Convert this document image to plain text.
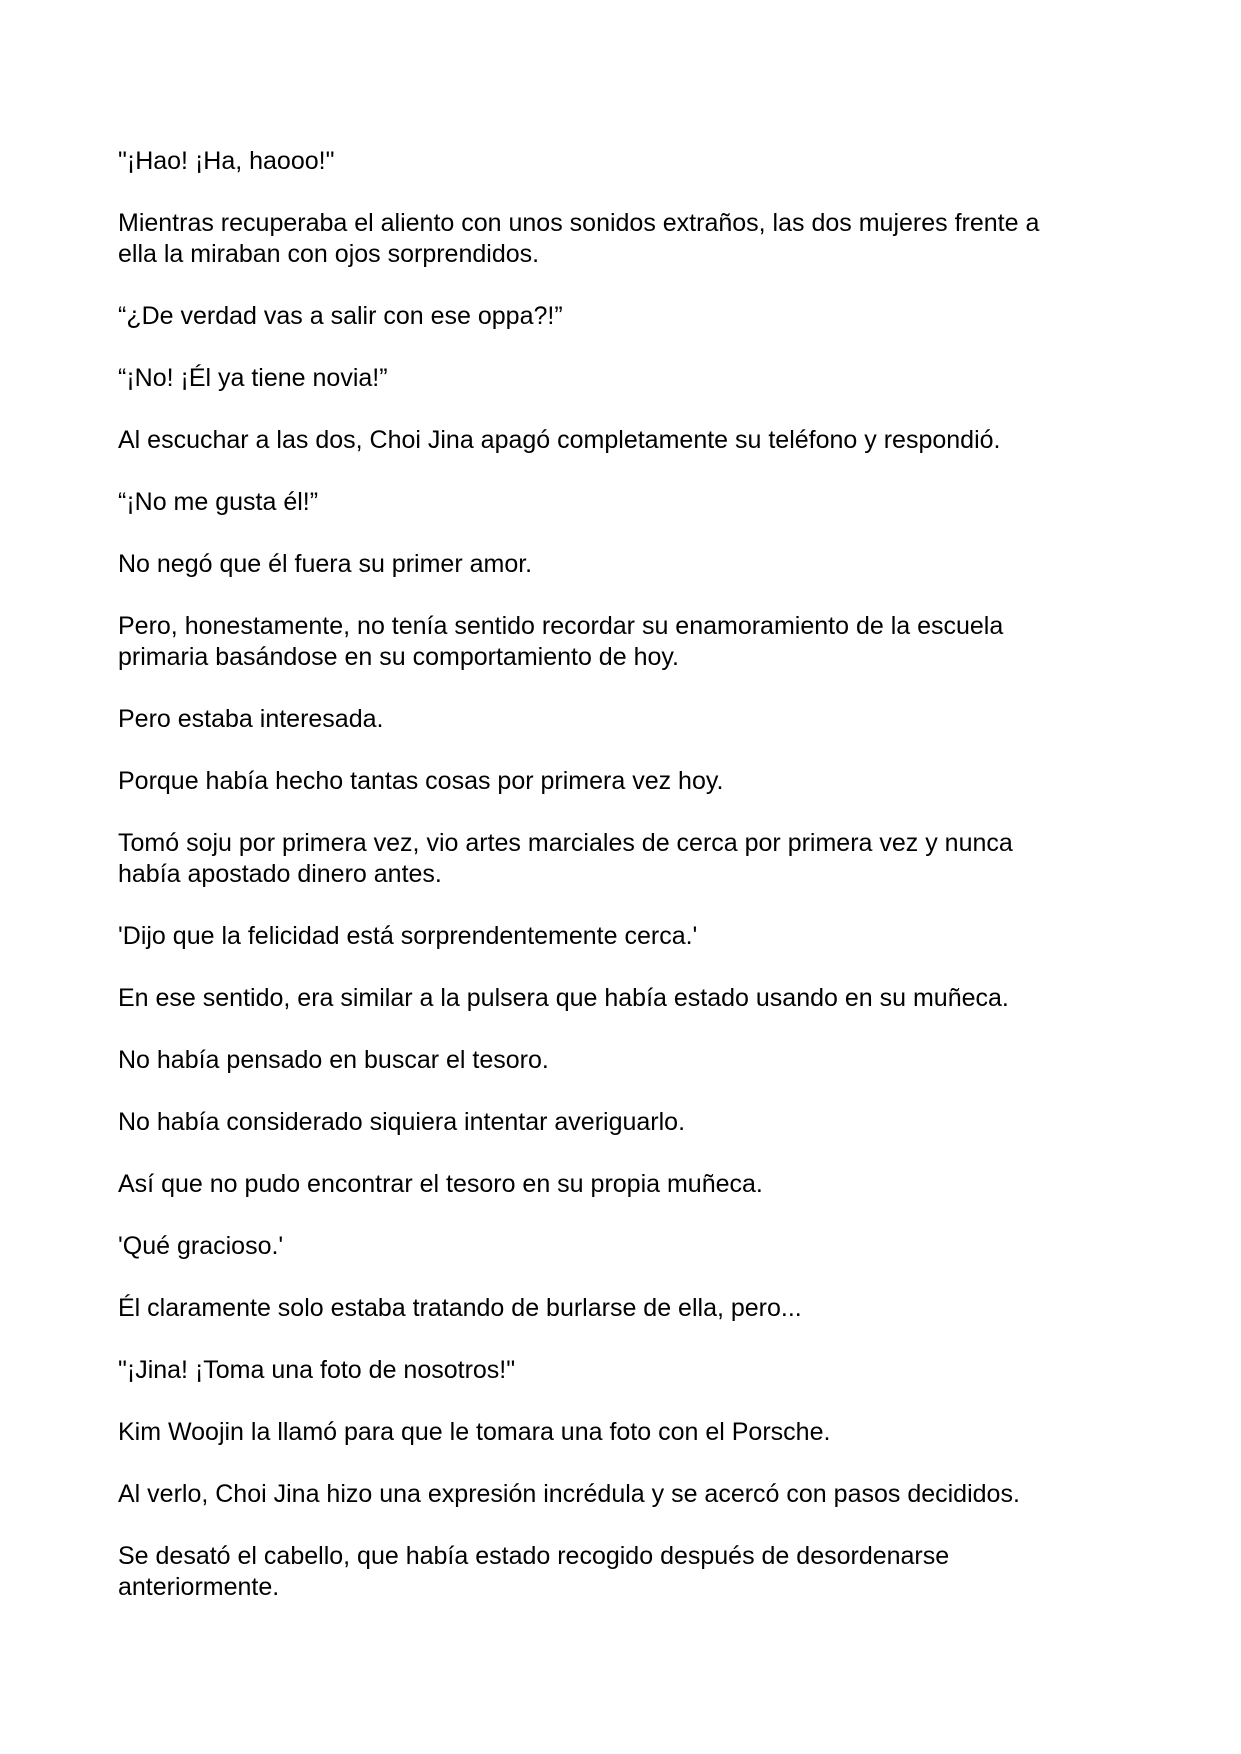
"¡Hao! ¡Ha, haooo!"

Mientras recuperaba el aliento con unos sonidos extraños, las dos mujeres frente a
ella la miraban con ojos sorprendidos.

“¿De verdad vas a salir con ese oppa?!”

“¡No! ¡Él ya tiene novia!”

Al escuchar a las dos, Choi Jina apagó completamente su teléfono y respondió.

“¡No me gusta él!”

No negó que él fuera su primer amor.

Pero, honestamente, no tenía sentido recordar su enamoramiento de la escuela
primaria basándose en su comportamiento de hoy.

Pero estaba interesada.

Porque había hecho tantas cosas por primera vez hoy.

Tomó soju por primera vez, vio artes marciales de cerca por primera vez y nunca
había apostado dinero antes.

'Dijo que la felicidad está sorprendentemente cerca.'

En ese sentido, era similar a la pulsera que había estado usando en su muñeca.

No había pensado en buscar el tesoro.

No había considerado siquiera intentar averiguarlo.

Así que no pudo encontrar el tesoro en su propia muñeca.

'Qué gracioso.'

Él claramente solo estaba tratando de burlarse de ella, pero...

"¡Jina! ¡Toma una foto de nosotros!"

Kim Woojin la llamó para que le tomara una foto con el Porsche.

Al verlo, Choi Jina hizo una expresión incrédula y se acercó con pasos decididos.

Se desató el cabello, que había estado recogido después de desordenarse
anteriormente.
